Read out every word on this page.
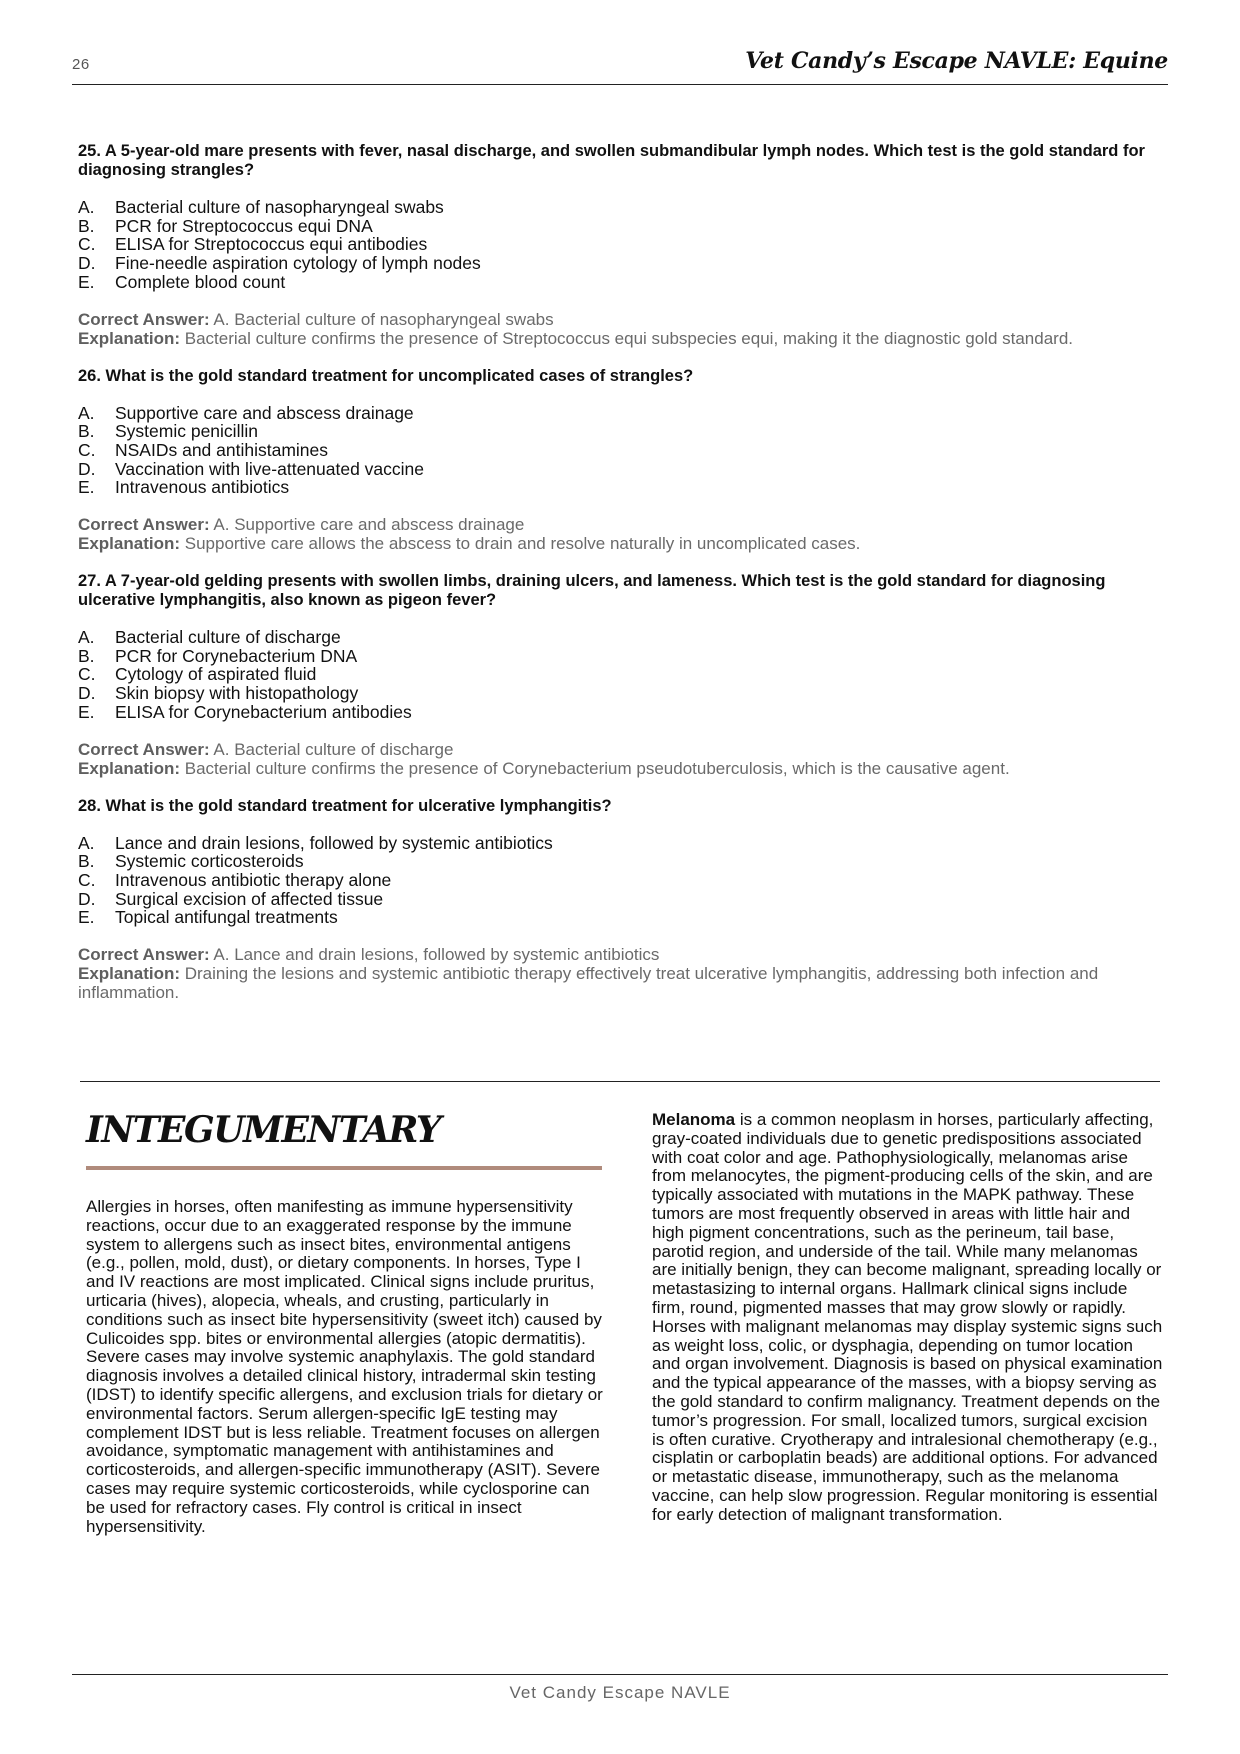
26	Vet Candy’s Escape NAVLE: Equine

25. A 5-year-old mare presents with fever, nasal discharge, and swollen submandibular lymph nodes. Which test is the gold standard for diagnosing strangles?

A.	Bacterial culture of nasopharyngeal swabs
B.	PCR for Streptococcus equi DNA
C.	ELISA for Streptococcus equi antibodies
D.	Fine-needle aspiration cytology of lymph nodes
E.	Complete blood count

Correct Answer: A. Bacterial culture of nasopharyngeal swabs

Explanation: Bacterial culture confirms the presence of Streptococcus equi subspecies equi, making it the diagnostic gold standard.

26. What is the gold standard treatment for uncomplicated cases of strangles?

A.	Supportive care and abscess drainage
B.	Systemic penicillin
C.	NSAIDs and antihistamines
D.	Vaccination with live-attenuated vaccine
E.	Intravenous antibiotics

Correct Answer: A. Supportive care and abscess drainage

Explanation: Supportive care allows the abscess to drain and resolve naturally in uncomplicated cases.

27. A 7-year-old gelding presents with swollen limbs, draining ulcers, and lameness. Which test is the gold standard for diagnosing ulcerative lymphangitis, also known as pigeon fever?

A.	Bacterial culture of discharge
B.	PCR for Corynebacterium DNA
C.	Cytology of aspirated fluid
D.	Skin biopsy with histopathology
E.	ELISA for Corynebacterium antibodies

Correct Answer: A. Bacterial culture of discharge

Explanation: Bacterial culture confirms the presence of Corynebacterium pseudotuberculosis, which is the causative agent.

28. What is the gold standard treatment for ulcerative lymphangitis?

A.	Lance and drain lesions, followed by systemic antibiotics
B.	Systemic corticosteroids
C.	Intravenous antibiotic therapy alone
D.	Surgical excision of affected tissue
E.	Topical antifungal treatments

Correct Answer: A. Lance and drain lesions, followed by systemic antibiotics

Explanation: Draining the lesions and systemic antibiotic therapy effectively treat ulcerative lymphangitis, addressing both infection and inflammation.

INTEGUMENTARY

Allergies in horses, often manifesting as immune hypersensitivity reactions, occur due to an exaggerated response by the immune system to allergens such as insect bites, environmental antigens (e.g., pollen, mold, dust), or dietary components. In horses, Type I and IV reactions are most implicated. Clinical signs include pruritus, urticaria (hives), alopecia, wheals, and crusting, particularly in conditions such as insect bite hypersensitivity (sweet itch) caused by Culicoides spp. bites or environmental allergies (atopic dermatitis). Severe cases may involve systemic anaphylaxis. The gold standard diagnosis involves a detailed clinical history, intradermal skin testing (IDST) to identify specific allergens, and exclusion trials for dietary or environmental factors. Serum allergen-specific IgE testing may complement IDST but is less reliable. Treatment focuses on allergen avoidance, symptomatic management with antihistamines and corticosteroids, and allergen-specific immunotherapy (ASIT). Severe cases may require systemic corticosteroids, while cyclosporine can be used for refractory cases. Fly control is critical in insect hypersensitivity.

Melanoma is a common neoplasm in horses, particularly affecting, gray-coated individuals due to genetic predispositions associated with coat color and age. Pathophysiologically, melanomas arise from melanocytes, the pigment-producing cells of the skin, and are typically associated with mutations in the MAPK pathway. These tumors are most frequently observed in areas with little hair and high pigment concentrations, such as the perineum, tail base, parotid region, and underside of the tail. While many melanomas are initially benign, they can become malignant, spreading locally or metastasizing to internal organs. Hallmark clinical signs include firm, round, pigmented masses that may grow slowly or rapidly. Horses with malignant melanomas may display systemic signs such as weight loss, colic, or dysphagia, depending on tumor location and organ involvement. Diagnosis is based on physical examination and the typical appearance of the masses, with a biopsy serving as the gold standard to confirm malignancy. Treatment depends on the tumor’s progression. For small, localized tumors, surgical excision is often curative. Cryotherapy and intralesional chemotherapy (e.g., cisplatin or carboplatin beads) are additional options. For advanced or metastatic disease, immunotherapy, such as the melanoma vaccine, can help slow progression. Regular monitoring is essential for early detection of malignant transformation.

Vet Candy Escape NAVLE
